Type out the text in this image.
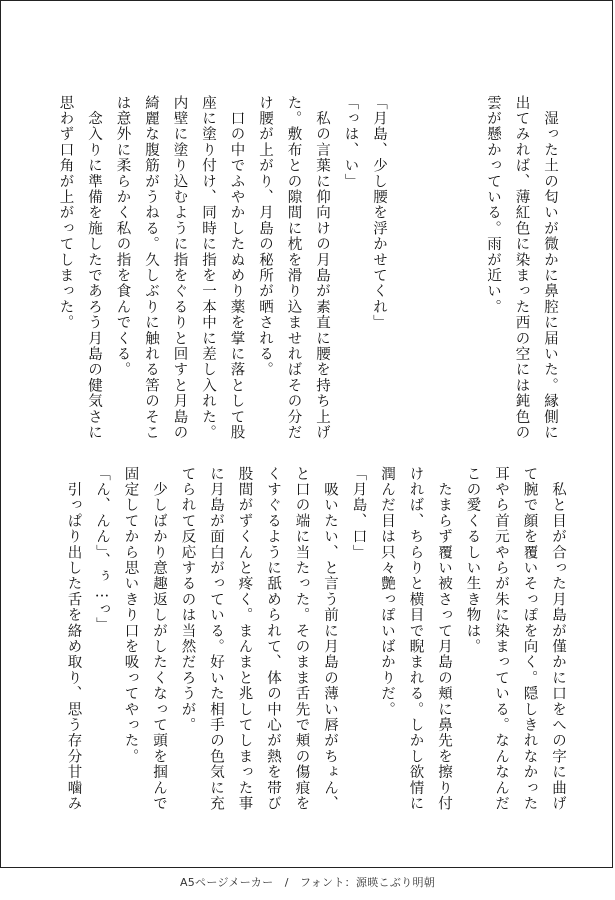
　湿った土の匂いが微かに鼻腔に届いた。縁側に
出てみれば、薄紅色に染まった西の空には鈍色の
雲が懸かっている。雨が近い。

「月島、少し腰を浮かせてくれ」
「っは、い」
　私の言葉に仰向けの月島が素直に腰を持ち上げ
た。敷布との隙間に枕を滑り込ませればその分だ
け腰が上がり、月島の秘所が晒される。
　口の中でふやかしたぬめり薬を掌に落として股
座に塗り付け、同時に指を一本中に差し入れた。
内壁に塗り込むように指をぐるりと回すと月島の
綺麗な腹筋がうねる。久しぶりに触れる筈のそこ
は意外に柔らかく私の指を食んでくる。
　念入りに準備を施したであろう月島の健気さに
思わず口角が上がってしまった。
　私と目が合った月島が僅かに口をへの字に曲げ
て腕で顔を覆いそっぽを向く。隠しきれなかった
耳やら首元やらが朱に染まっている。なんなんだ
この愛くるしい生き物は。
　たまらず覆い被さって月島の頬に鼻先を擦り付
ければ、ちらりと横目で睨まれる。しかし欲情に
潤んだ目は只々艶っぽいばかりだ。
「月島、口」
　吸いたい、と言う前に月島の薄い唇がちょん、
と口の端に当たった。そのまま舌先で頬の傷痕を
くすぐるように舐められて、体の中心が熱を帯び
股間がずくんと疼く。まんまと兆してしまった事
に月島が面白がっている。好いた相手の色気に充
てられて反応するのは当然だろうが。
　少しばかり意趣返しがしたくなって頭を掴んで
固定してから思いきり口を吸ってやった。
「ん、んん」、ぅ…っ」
　引っぱり出した舌を絡め取り、思う存分甘噛み
A5ページメーカー　/　フォント：源暎こぶり明朝
